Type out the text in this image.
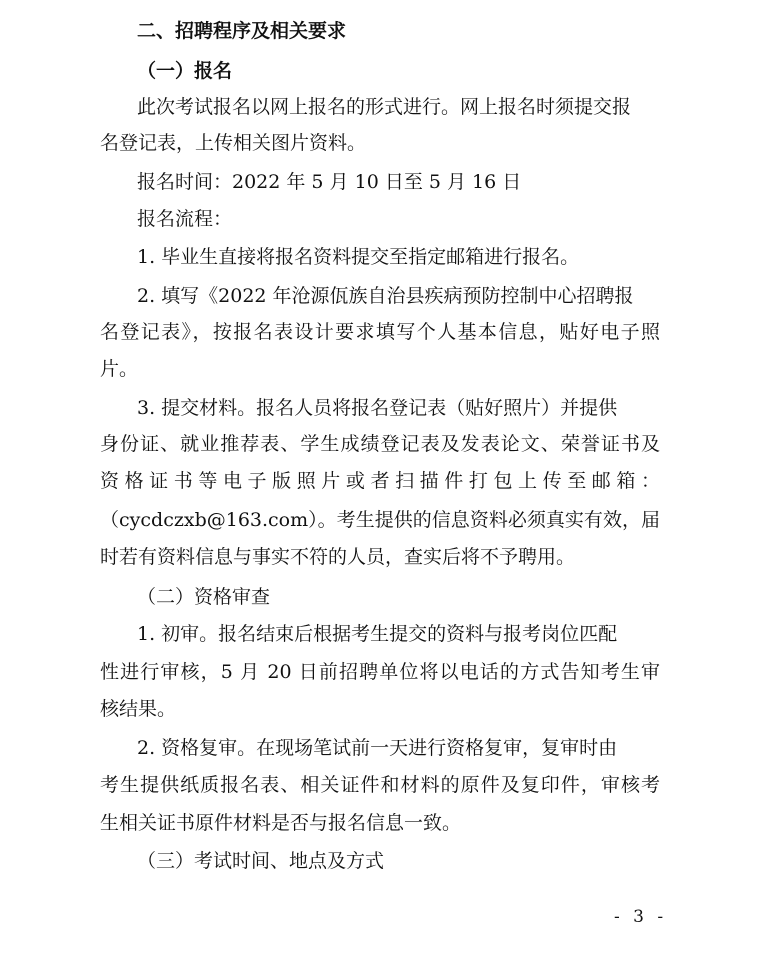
二、招聘程序及相关要求
（一）报名
此次考试报名以网上报名的形式进行。网上报名时须提交报
名登记表，上传相关图片资料。
报名时间：2022 年 5 月 10 日至 5 月 16 日
报名流程：
1. 毕业生直接将报名资料提交至指定邮箱进行报名。
2. 填写《2022 年沧源佤族自治县疾病预防控制中心招聘报
名登记表》，按报名表设计要求填写个人基本信息，贴好电子照
片。
3. 提交材料。报名人员将报名登记表（贴好照片）并提供
身份证、就业推荐表、学生成绩登记表及发表论文、荣誉证书及
资格证书等电子版照片或者扫描件打包上传至邮箱：
（cycdczxb@163.com）。考生提供的信息资料必须真实有效，届
时若有资料信息与事实不符的人员，查实后将不予聘用。
（二）资格审查
1. 初审。报名结束后根据考生提交的资料与报考岗位匹配
性进行审核，5 月 20 日前招聘单位将以电话的方式告知考生审
核结果。
2. 资格复审。在现场笔试前一天进行资格复审，复审时由
考生提供纸质报名表、相关证件和材料的原件及复印件，审核考
生相关证书原件材料是否与报名信息一致。
（三）考试时间、地点及方式
- 3 -
